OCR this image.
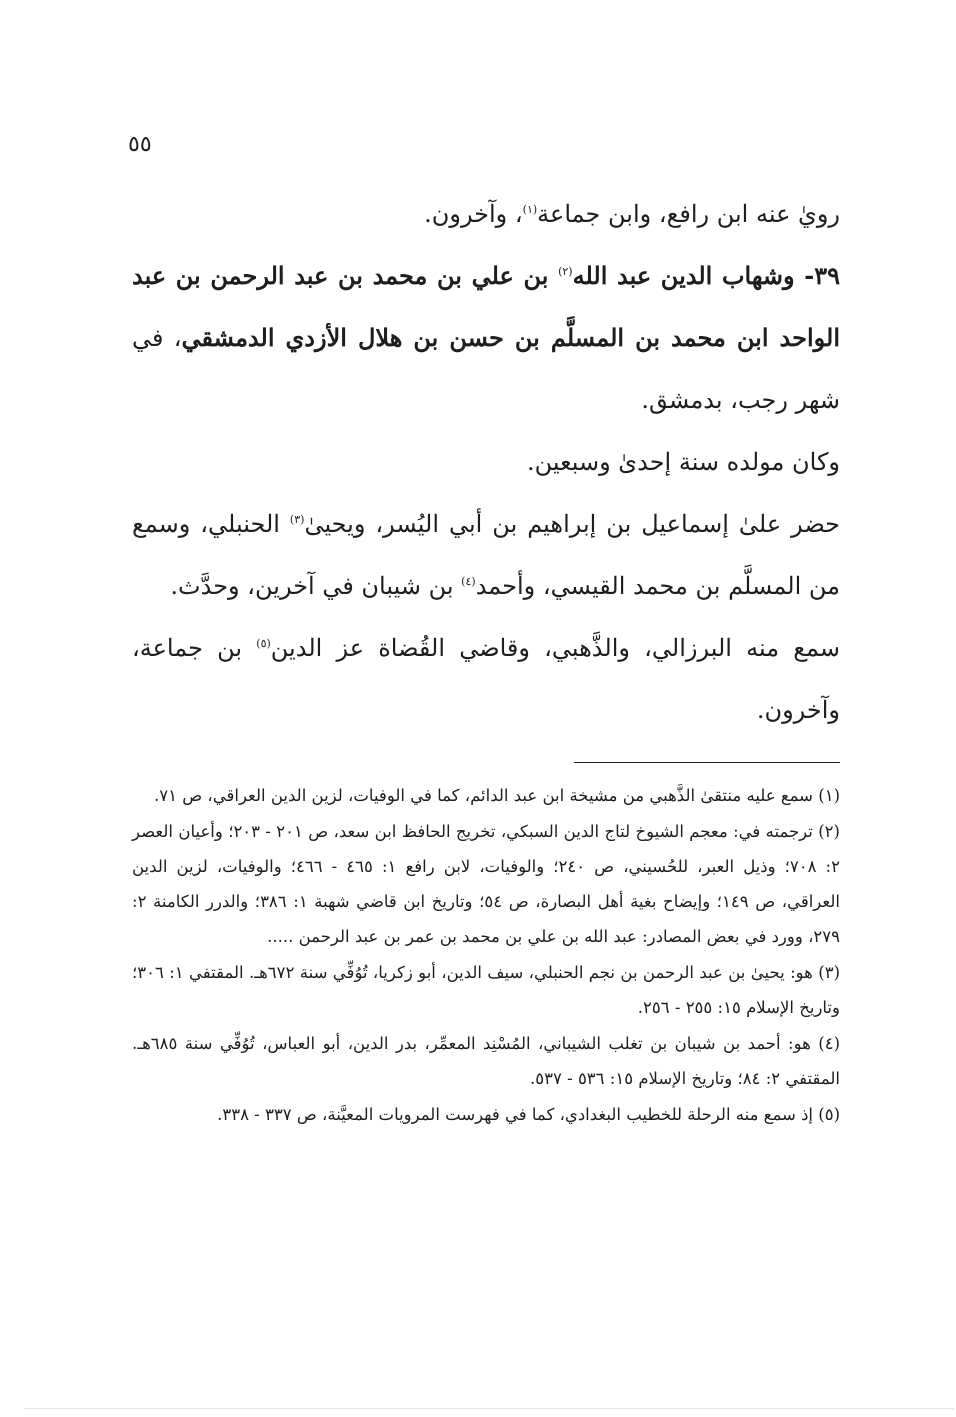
٥٥

رويٰ عنه ابن رافع، وابن جماعة$^{(١)}$، وآخرون.

٣٩- وشهاب الدين عبد الله$^{(٢)}$ بن علي بن محمد بن عبد الرحمن بن عبد الواحد ابن محمد بن المسلَّم بن حسن بن هلال الأزدي الدمشقي، في شهر رجب، بدمشق.

وكان مولده سنة إحدىٰ وسبعين.

حضر علىٰ إسماعيل بن إبراهيم بن أبي اليُسر، ويحيىٰ$^{(٣)}$ الحنبلي، وسمع من المسلَّم بن محمد القيسي، وأحمد$^{(٤)}$ بن شيبان في آخرين، وحدَّث.

سمع منه البرزالي، والذَّهبي، وقاضي القُضاة عز الدين$^{(٥)}$ بن جماعة، وآخرون.

(١) سمع عليه منتقىٰ الذَّهبي من مشيخة ابن عبد الدائم، كما في الوفيات، لزين الدين العراقي، ص ٧١.

(٢) ترجمته في: معجم الشيوخ لتاج الدين السبكي، تخريج الحافظ ابن سعد، ص ٢٠١ - ٢٠٣؛ وأعيان العصر ٢: ٧٠٨؛ وذيل العبر، للحُسيني، ص ٢٤٠؛ والوفيات، لابن رافع ١: ٤٦٥ - ٤٦٦؛ والوفيات، لزين الدين العراقي، ص ١٤٩؛ وإيضاح بغية أهل البصارة، ص ٥٤؛ وتاريخ ابن قاضي شهبة ١: ٣٨٦؛ والدرر الكامنة ٢: ٢٧٩، وورد في بعض المصادر: عبد الله بن علي بن محمد بن عمر بن عبد الرحمن .....

(٣) هو: يحيىٰ بن عبد الرحمن بن نجم الحنبلي، سيف الدين، أبو زكريا، تُوُفِّي سنة ٦٧٢هـ. المقتفي ١: ٣٠٦؛ وتاريخ الإسلام ١٥: ٢٥٥ - ٢٥٦.

(٤) هو: أحمد بن شيبان بن تغلب الشيباني، المُسْنِد المعمِّر، بدر الدين، أبو العباس، تُوُفِّي سنة ٦٨٥هـ. المقتفي ٢: ٨٤؛ وتاريخ الإسلام ١٥: ٥٣٦ - ٥٣٧.

(٥) إذ سمع منه الرحلة للخطيب البغدادي، كما في فهرست المرويات المعيَّنة، ص ٣٣٧ - ٣٣٨.
